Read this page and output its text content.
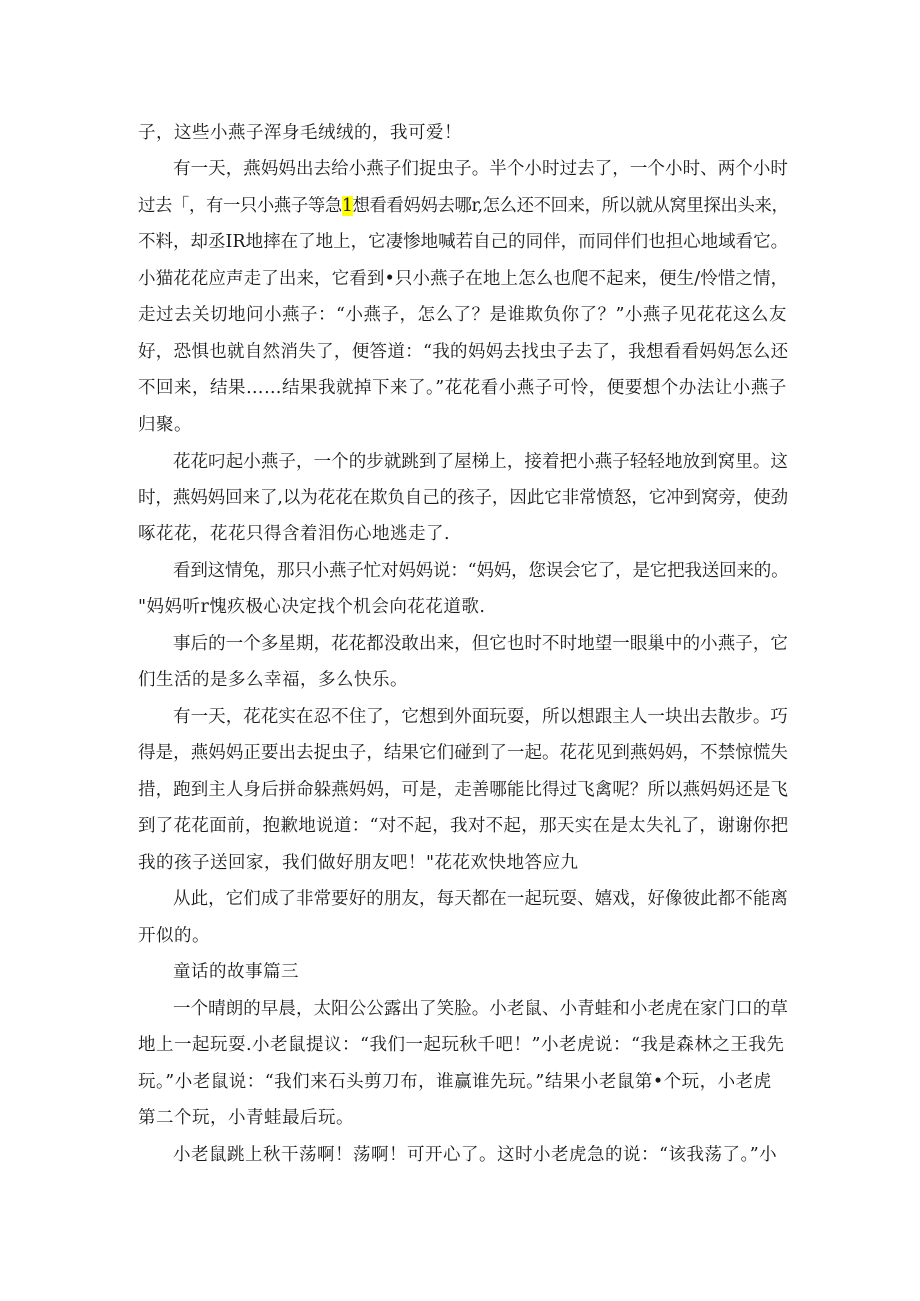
子，这些小燕子浑身毛绒绒的，我可爱！
有一天，燕妈妈出去给小燕子们捉虫子。半个小时过去了，一个小时、两个小时
过去「，有一只小燕子等急1想看看妈妈去哪r,怎么还不回来，所以就从窝里探出头来，
不料，却丞IR地摔在了地上，它凄惨地喊若自己的同伴，而同伴们也担心地域看它。
小猫花花应声走了出来，它看到•只小燕子在地上怎么也爬不起来，便生/怜惜之情，
走过去关切地问小燕子：“小燕子，怎么了？是谁欺负你了？”小燕子见花花这么友
好，恐惧也就自然消失了，便答道：“我的妈妈去找虫子去了，我想看看妈妈怎么还
不回来，结果……结果我就掉下来了。”花花看小燕子可怜，便要想个办法让小燕子
归聚。
花花叼起小燕子，一个的步就跳到了屋梯上，接着把小燕子轻轻地放到窝里。这
时，燕妈妈回来了,以为花花在欺负自己的孩子，因此它非常愤怒，它冲到窝旁，使劲
啄花花，花花只得含着泪伤心地逃走了.
看到这情兔，那只小燕子忙对妈妈说：“妈妈，您误会它了，是它把我送回来的。
"妈妈听r愧疚极心决定找个机会向花花道歌.
事后的一个多星期，花花都没敢出来，但它也时不时地望一眼巢中的小燕子，它
们生活的是多么幸福，多么快乐。
有一天，花花实在忍不住了，它想到外面玩耍，所以想跟主人一块出去散步。巧
得是，燕妈妈正要出去捉虫子，结果它们碰到了一起。花花见到燕妈妈，不禁惊慌失
措，跑到主人身后拼命躲燕妈妈，可是，走善哪能比得过飞禽呢？所以燕妈妈还是飞
到了花花面前，抱歉地说道：“对不起，我对不起，那天实在是太失礼了，谢谢你把
我的孩子送回家，我们做好朋友吧！"花花欢快地答应九
从此，它们成了非常要好的朋友，每天都在一起玩耍、嬉戏，好像彼此都不能离
开似的。
童话的故事篇三
一个晴朗的早晨，太阳公公露出了笑脸。小老鼠、小青蛙和小老虎在家门口的草
地上一起玩耍.小老鼠提议：“我们一起玩秋千吧！”小老虎说：“我是森林之王我先
玩。”小老鼠说：“我们来石头剪刀布，谁赢谁先玩。”结果小老鼠第•个玩，小老虎
第二个玩，小青蛙最后玩。
小老鼠跳上秋干荡啊！荡啊！可开心了。这时小老虎急的说：“该我荡了。”小
